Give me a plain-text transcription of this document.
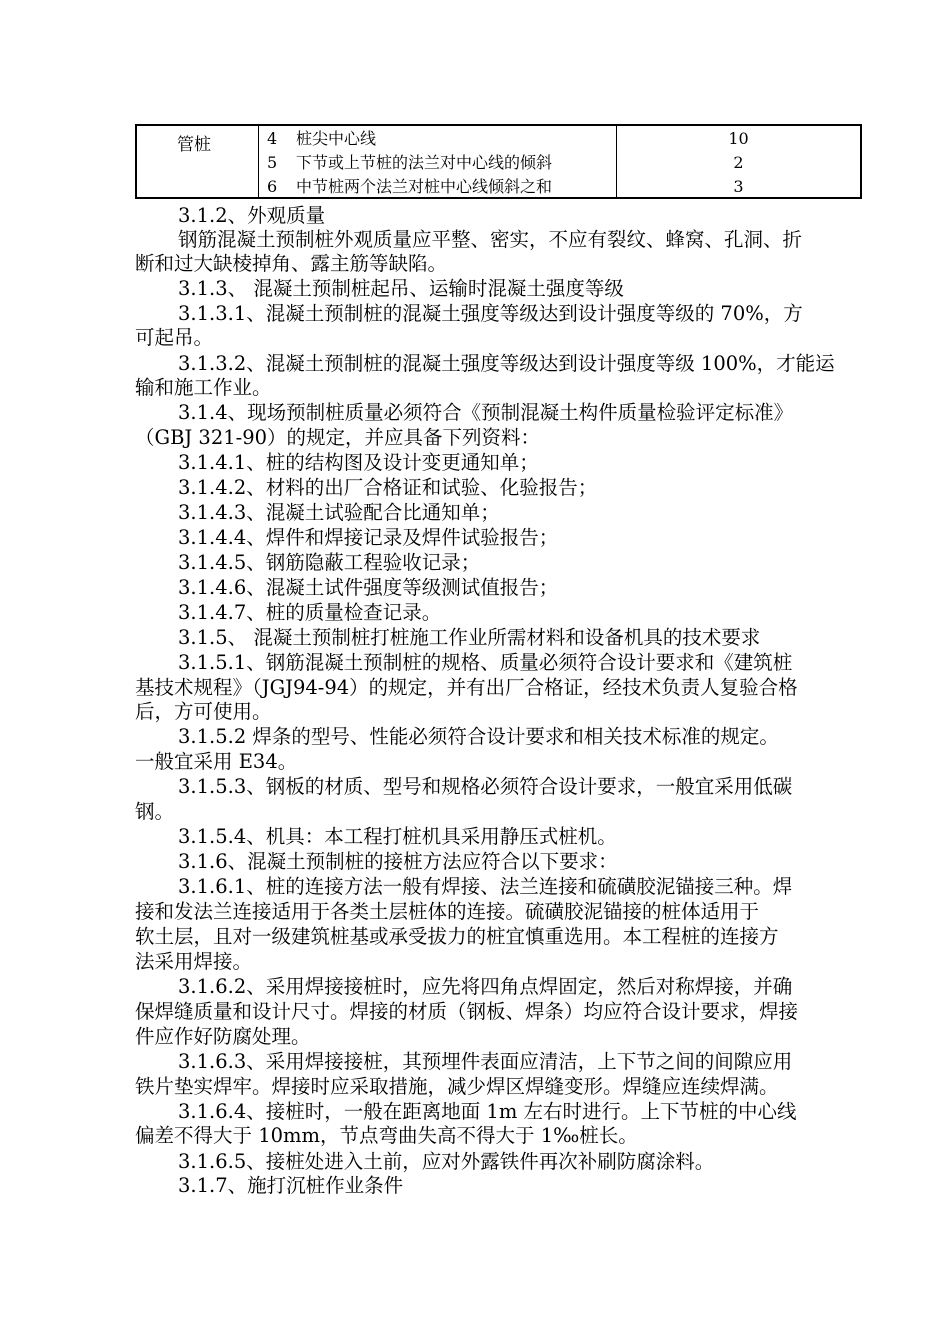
管桩	4 桩尖中心线
5 下节或上节桩的法兰对中心线的倾斜
6 中节桩两个法兰对桩中心线倾斜之和
10
2
3
3.1.2、外观质量
钢筋混凝土预制桩外观质量应平整、密实，不应有裂纹、蜂窝、孔洞、折
断和过大缺棱掉角、露主筋等缺陷。
3.1.3、 混凝土预制桩起吊、运输时混凝土强度等级
3.1.3.1、混凝土预制桩的混凝土强度等级达到设计强度等级的 70%，方
可起吊。
3.1.3.2、混凝土预制桩的混凝土强度等级达到设计强度等级 100%，才能运
输和施工作业。
3.1.4、现场预制桩质量必须符合《预制混凝土构件质量检验评定标准》
（GBJ 321-90）的规定，并应具备下列资料：
3.1.4.1、桩的结构图及设计变更通知单；
3.1.4.2、材料的出厂合格证和试验、化验报告；
3.1.4.3、混凝土试验配合比通知单；
3.1.4.4、焊件和焊接记录及焊件试验报告；
3.1.4.5、钢筋隐蔽工程验收记录；
3.1.4.6、混凝土试件强度等级测试值报告；
3.1.4.7、桩的质量检查记录。
3.1.5、 混凝土预制桩打桩施工作业所需材料和设备机具的技术要求
3.1.5.1、钢筋混凝土预制桩的规格、质量必须符合设计要求和《建筑桩
基技术规程》（JGJ94-94）的规定，并有出厂合格证，经技术负责人复验合格
后，方可使用。
3.1.5.2 焊条的型号、性能必须符合设计要求和相关技术标准的规定。
一般宜采用 E34。
3.1.5.3、钢板的材质、型号和规格必须符合设计要求，一般宜采用低碳
钢。
3.1.5.4、机具：本工程打桩机具采用静压式桩机。
3.1.6、混凝土预制桩的接桩方法应符合以下要求：
3.1.6.1、桩的连接方法一般有焊接、法兰连接和硫磺胶泥锚接三种。焊
接和发法兰连接适用于各类土层桩体的连接。硫磺胶泥锚接的桩体适用于
软土层，且对一级建筑桩基或承受拔力的桩宜慎重选用。本工程桩的连接方
法采用焊接。
3.1.6.2、采用焊接接桩时，应先将四角点焊固定，然后对称焊接，并确
保焊缝质量和设计尺寸。焊接的材质（钢板、焊条）均应符合设计要求，焊接
件应作好防腐处理。
3.1.6.3、采用焊接接桩，其预埋件表面应清洁，上下节之间的间隙应用
铁片垫实焊牢。焊接时应采取措施，减少焊区焊缝变形。焊缝应连续焊满。
3.1.6.4、接桩时，一般在距离地面 1m 左右时进行。上下节桩的中心线
偏差不得大于 10mm，节点弯曲失高不得大于 1‰桩长。
3.1.6.5、接桩处进入土前，应对外露铁件再次补刷防腐涂料。
3.1.7、施打沉桩作业条件
